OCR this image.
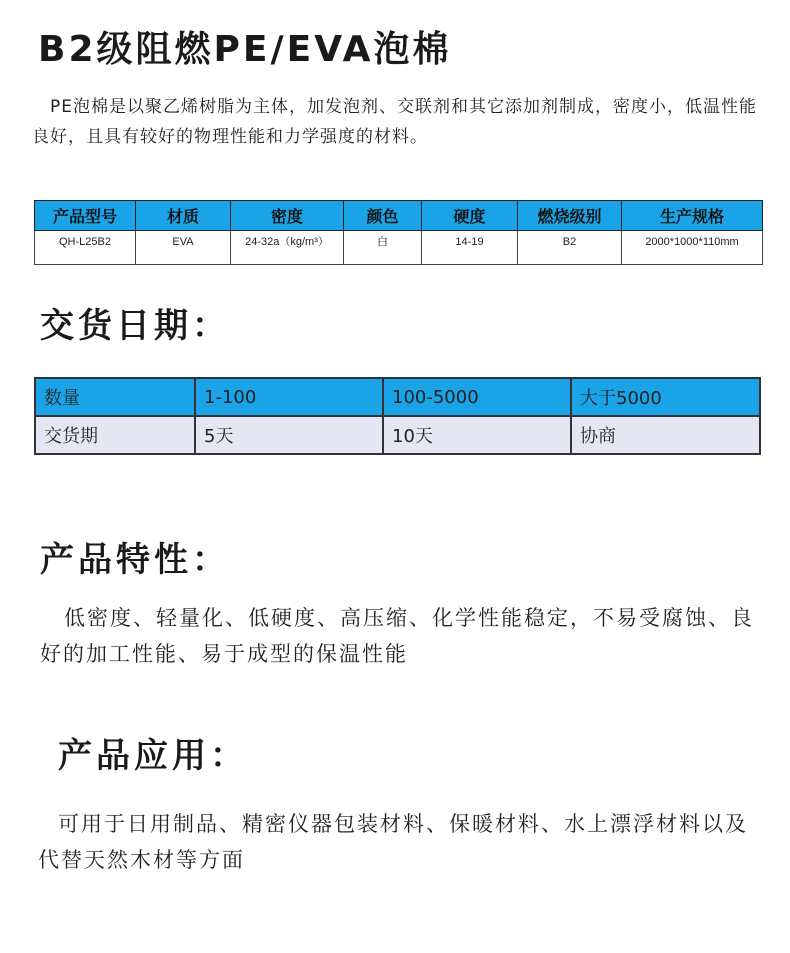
B2级阻燃PE/EVA泡棉

PE泡棉是以聚乙烯树脂为主体，加发泡剂、交联剂和其它添加剂制成，密度小，低温性能良好，且具有较好的物理性能和力学强度的材料。

产品型号	材质	密度	颜色	硬度	燃烧级别	生产规格
QH-L25B2	EVA	24-32a（kg/m³）	白	14-19	B2	2000*1000*110mm
交货日期：
数量	1-100	100-5000	大于5000
交货期	5天	10天	协商
产品特性：

低密度、轻量化、低硬度、高压缩、化学性能稳定，不易受腐蚀、良好的加工性能、易于成型的保温性能

产品应用：

可用于日用制品、精密仪器包装材料、保暖材料、水上漂浮材料以及代替天然木材等方面
